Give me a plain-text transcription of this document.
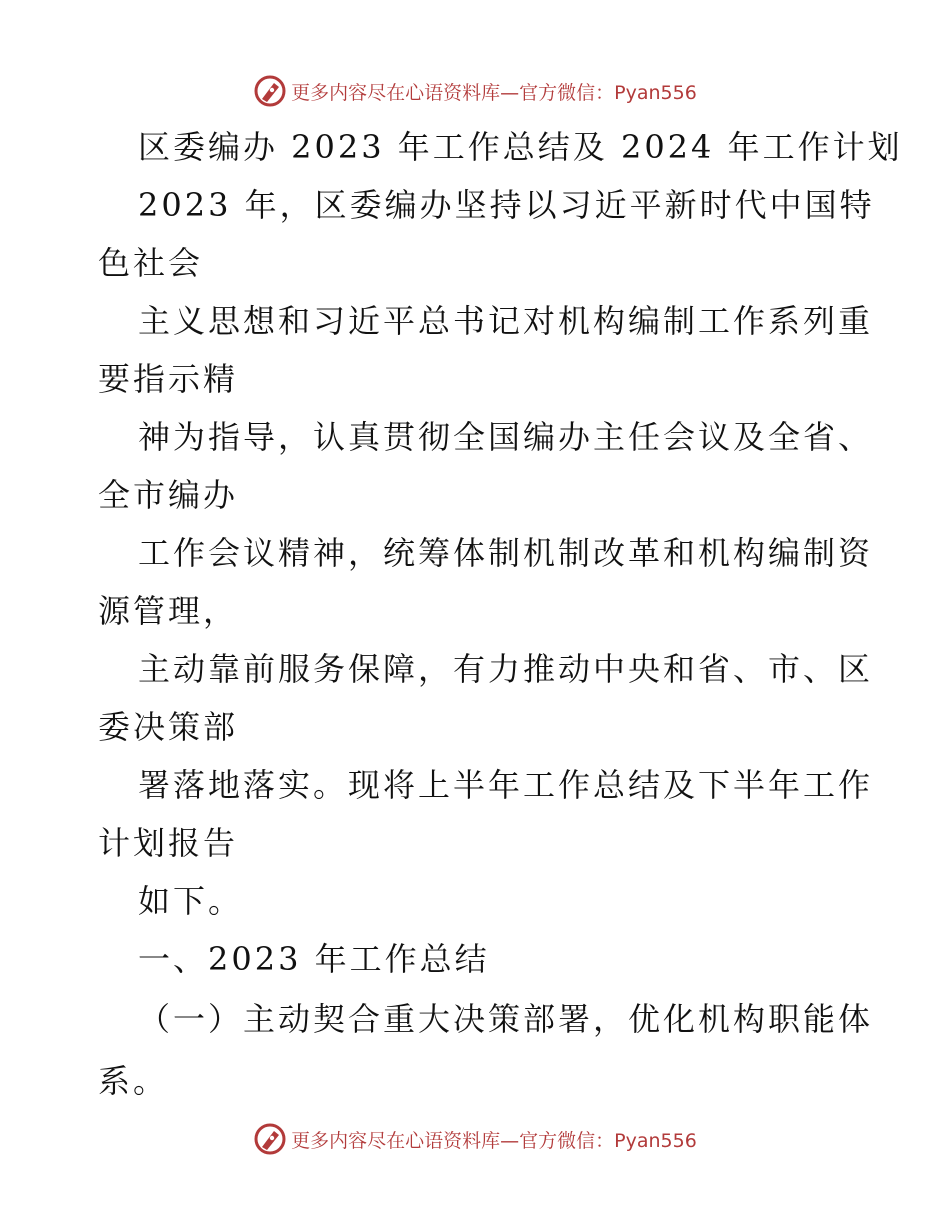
更多内容尽在心语资料库—官方微信：Pyan556
区委编办 2023 年工作总结及 2024 年工作计划
2023 年，区委编办坚持以习近平新时代中国特
色社会
主义思想和习近平总书记对机构编制工作系列重
要指示精
神为指导，认真贯彻全国编办主任会议及全省、
全市编办
工作会议精神，统筹体制机制改革和机构编制资
源管理，
主动靠前服务保障，有力推动中央和省、市、区
委决策部
署落地落实。现将上半年工作总结及下半年工作
计划报告
如下。
一、2023 年工作总结
（一）主动契合重大决策部署，优化机构职能体
系。
更多内容尽在心语资料库—官方微信：Pyan556
